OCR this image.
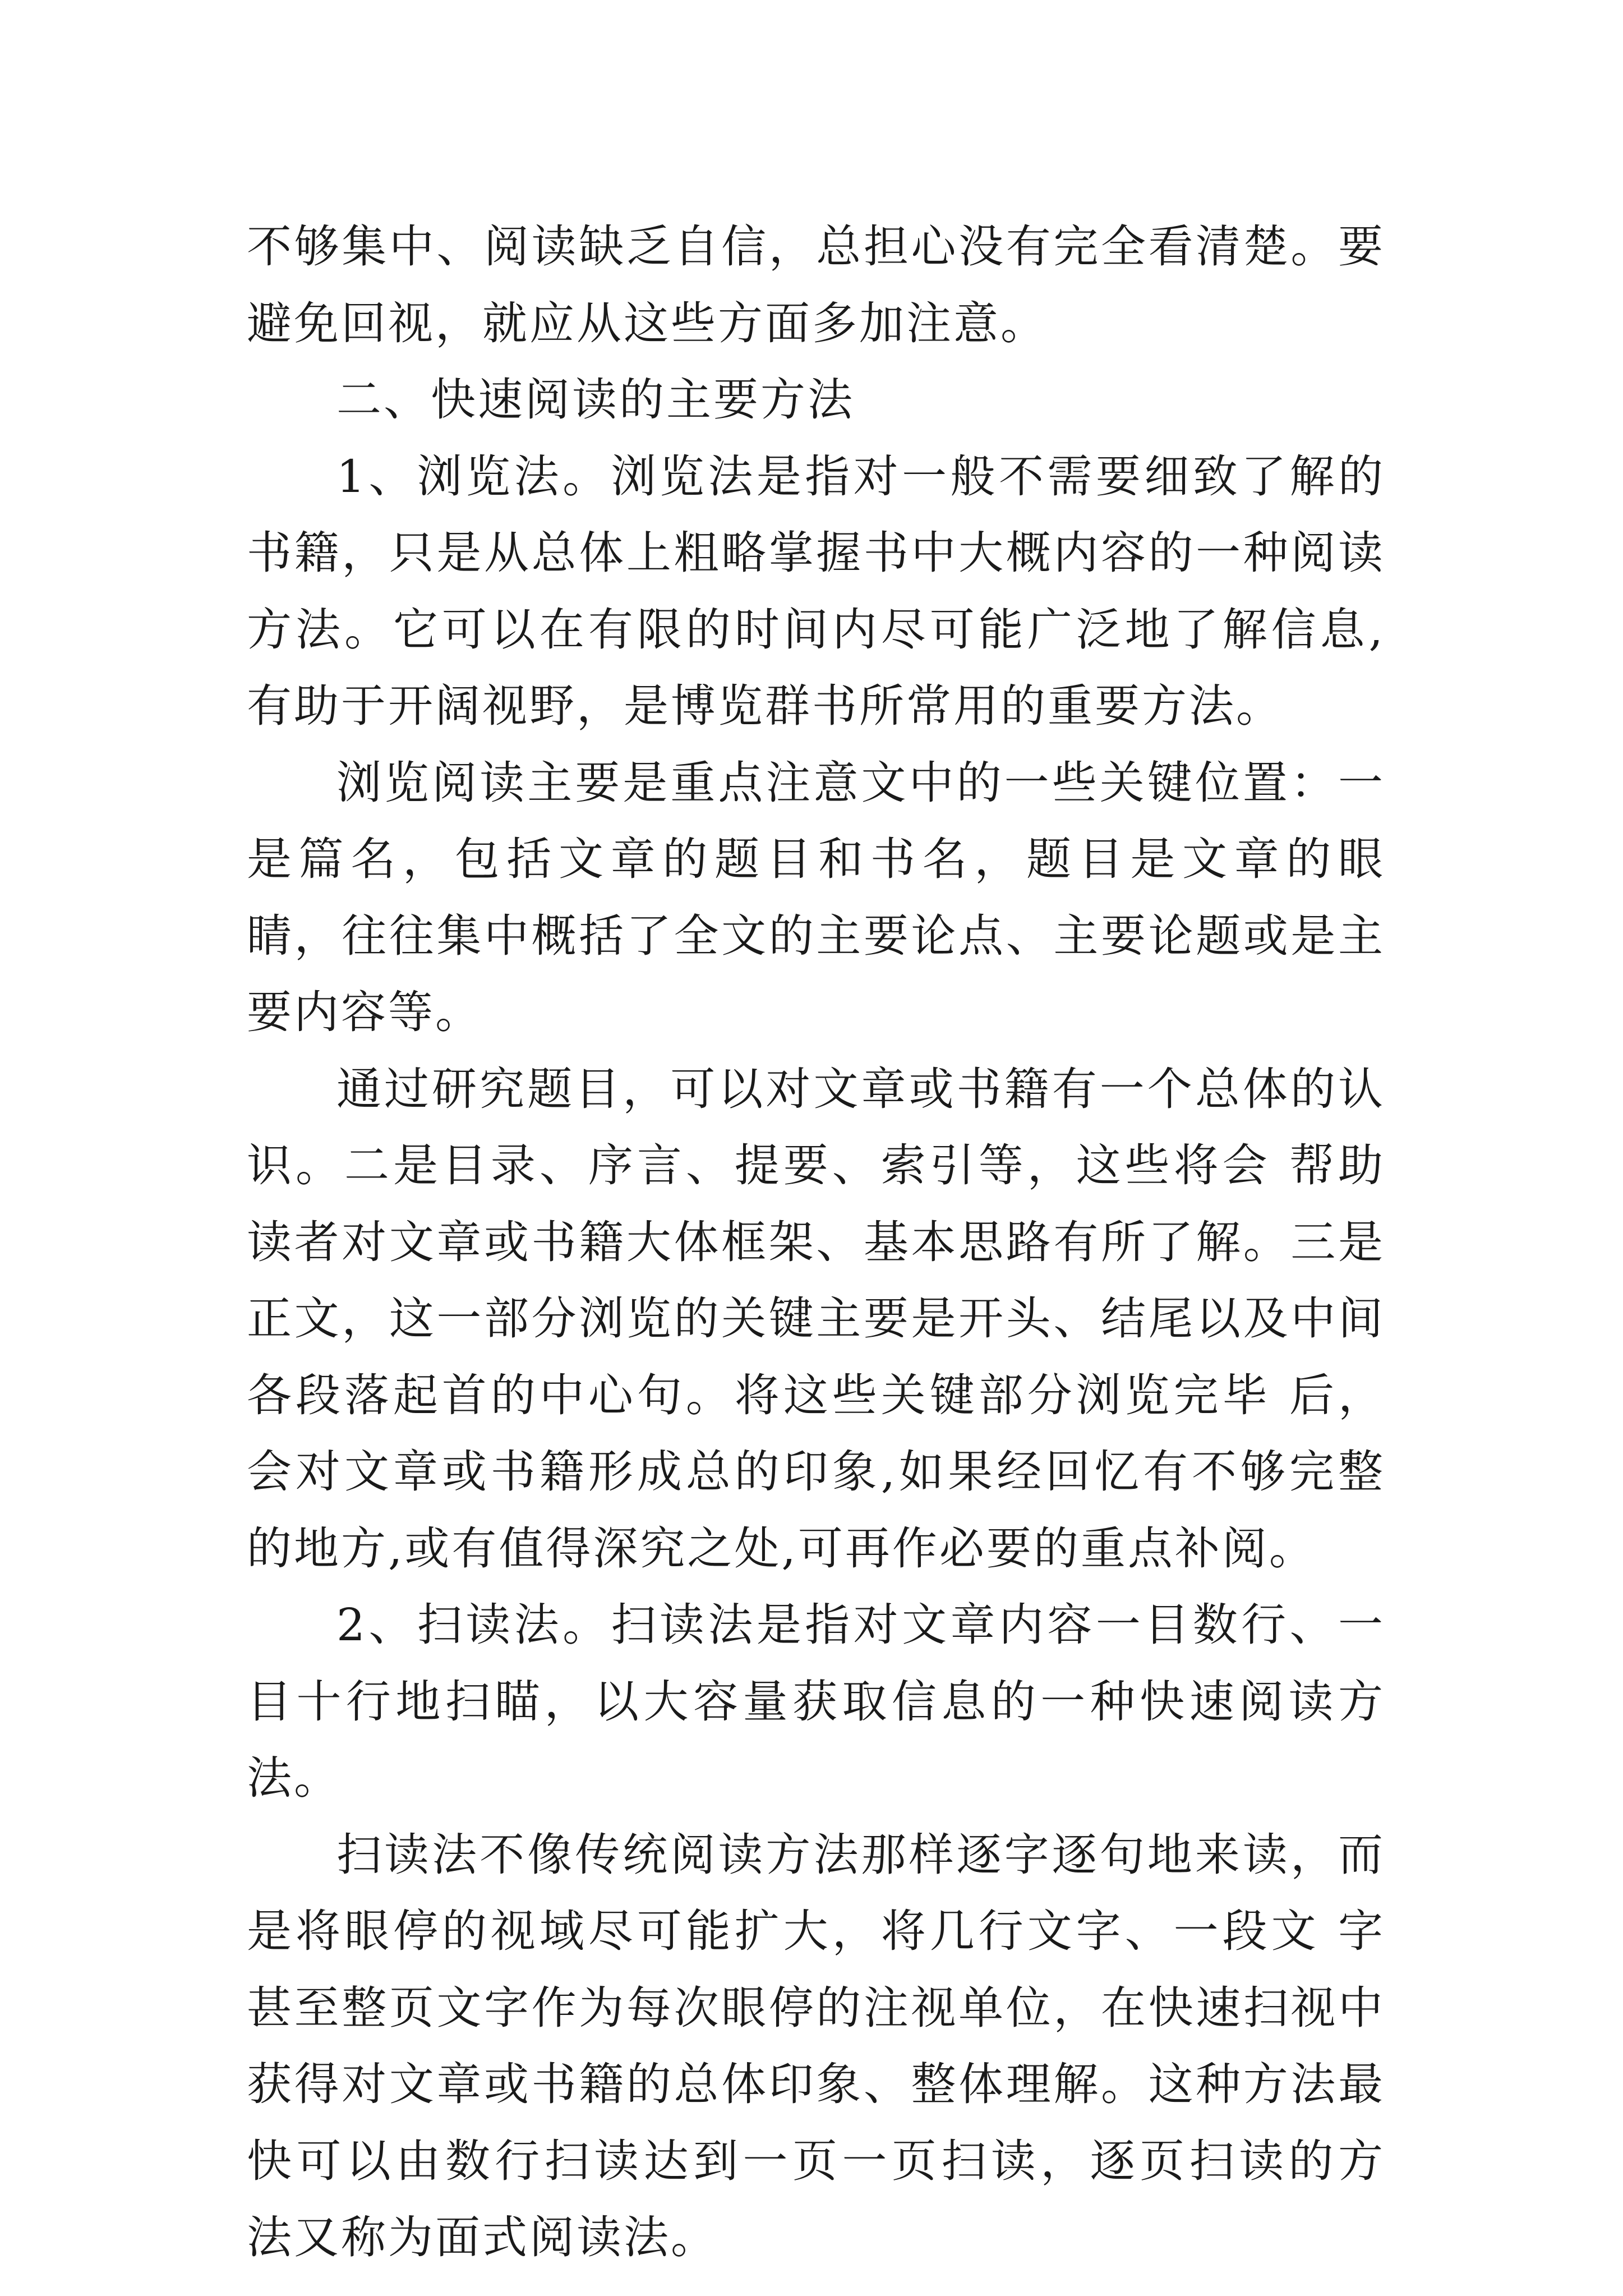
不够集中、阅读缺乏自信，总担心没有完全看清楚。要避免回视，就应从这些方面多加注意。

二、快速阅读的主要方法

1、浏览法。浏览法是指对一般不需要细致了解的书籍，只是从总体上粗略掌握书中大概内容的一种阅读方法。它可以在有限的时间内尽可能广泛地了解信息,有助于开阔视野，是博览群书所常用的重要方法。

浏览阅读主要是重点注意文中的一些关键位置：一是篇名，包括文章的题目和书名，题目是文章的眼 睛，往往集中概括了全文的主要论点、主要论题或是主要内容等。

通过研究题目，可以对文章或书籍有一个总体的认识。二是目录、序言、提要、索引等，这些将会 帮助读者对文章或书籍大体框架、基本思路有所了解。三是正文，这一部分浏览的关键主要是开头、结尾以及中间各段落起首的中心句。将这些关键部分浏览完毕 后，会对文章或书籍形成总的印象,如果经回忆有不够完整的地方,或有值得深究之处,可再作必要的重点补阅。

2、扫读法。扫读法是指对文章内容一目数行、一目十行地扫瞄，以大容量获取信息的一种快速阅读方法。

扫读法不像传统阅读方法那样逐字逐句地来读，而是将眼停的视域尽可能扩大，将几行文字、一段文 字甚至整页文字作为每次眼停的注视单位，在快速扫视中获得对文章或书籍的总体印象、整体理解。这种方法最快可以由数行扫读达到一页一页扫读，逐页扫读的方 法又称为面式阅读法。
